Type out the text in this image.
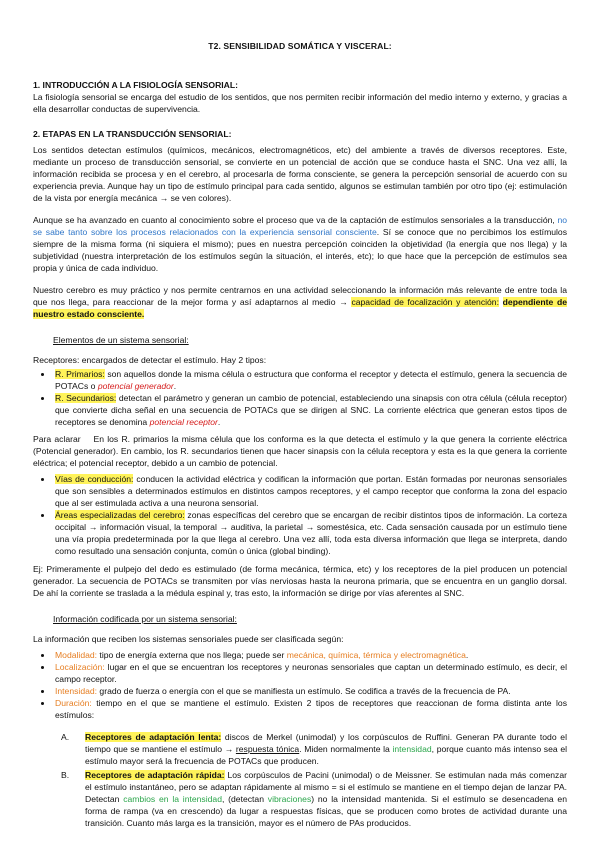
T2. SENSIBILIDAD SOMÁTICA Y VISCERAL:

1. INTRODUCCIÓN A LA FISIOLOGÍA SENSORIAL:

La fisiología sensorial se encarga del estudio de los sentidos, que nos permiten recibir información del medio interno y externo, y gracias a ella desarrollar conductas de supervivencia.

2. ETAPAS EN LA TRANSDUCCIÓN SENSORIAL:

Los sentidos detectan estímulos (químicos, mecánicos, electromagnéticos, etc) del ambiente a través de diversos receptores. Este, mediante un proceso de transducción sensorial, se convierte en un potencial de acción que se conduce hasta el SNC. Una vez allí, la información recibida se procesa y en el cerebro, al procesarla de forma consciente, se genera la percepción sensorial de acuerdo con su experiencia previa. Aunque hay un tipo de estímulo principal para cada sentido, algunos se estimulan también por otro tipo (ej: estimulación de la vista por energía mecánica → se ven colores).

Aunque se ha avanzado en cuanto al conocimiento sobre el proceso que va de la captación de estímulos sensoriales a la transducción, no se sabe tanto sobre los procesos relacionados con la experiencia sensorial consciente. Sí se conoce que no percibimos los estímulos siempre de la misma forma (ni siquiera el mismo); pues en nuestra percepción coinciden la objetividad (la energía que nos llega) y la subjetividad (nuestra interpretación de los estímulos según la situación, el interés, etc); lo que hace que la percepción de estímulos sea propia y única de cada individuo.

Nuestro cerebro es muy práctico y nos permite centrarnos en una actividad seleccionando la información más relevante de entre toda la que nos llega, para reaccionar de la mejor forma y así adaptarnos al medio → capacidad de focalización y atención: dependiente de nuestro estado consciente.

Elementos de un sistema sensorial:

Receptores: encargados de detectar el estímulo. Hay 2 tipos:

• R. Primarios: son aquellos donde la misma célula o estructura que conforma el receptor y detecta el estímulo, genera la secuencia de POTACs o potencial generador.
• R. Secundarios: detectan el parámetro y generan un cambio de potencial, estableciendo una sinapsis con otra célula (célula receptor) que convierte dicha señal en una secuencia de POTACs que se dirigen al SNC. La corriente eléctrica que generan estos tipos de receptores se denomina potencial receptor.

Para aclarar    En los R. primarios la misma célula que los conforma es la que detecta el estímulo y la que genera la corriente eléctrica (Potencial generador). En cambio, los R. secundarios tienen que hacer sinapsis con la célula receptora y esta es la que genera la corriente eléctrica; el potencial receptor, debido a un cambio de potencial.

• Vías de conducción: conducen la actividad eléctrica y codifican la información que portan. Están formadas por neuronas sensoriales que son sensibles a determinados estímulos en distintos campos receptores, y el campo receptor que conforma la zona del espacio que al ser estimulada activa a una neurona sensorial.
• Áreas especializadas del cerebro: zonas específicas del cerebro que se encargan de recibir distintos tipos de información. La corteza occipital → información visual, la temporal → auditiva, la parietal → somestésica, etc. Cada sensación causada por un estímulo tiene una vía propia predeterminada por la que llega al cerebro. Una vez allí, toda esta diversa información que llega se interpreta, dando como resultado una sensación conjunta, común o única (global binding).

Ej: Primeramente el pulpejo del dedo es estimulado (de forma mecánica, térmica, etc) y los receptores de la piel producen un potencial generador. La secuencia de POTACs se transmiten por vías nerviosas hasta la neurona primaria, que se encuentra en un ganglio dorsal. De ahí la corriente se traslada a la médula espinal y, tras esto, la información se dirige por vías aferentes al SNC.

Información codificada por un sistema sensorial:

La información que reciben los sistemas sensoriales puede ser clasificada según:

• Modalidad: tipo de energía externa que nos llega; puede ser mecánica, química, térmica y electromagnética.
• Localización: lugar en el que se encuentran los receptores y neuronas sensoriales que captan un determinado estímulo, es decir, el campo receptor.
• Intensidad: grado de fuerza o energía con el que se manifiesta un estímulo. Se codifica a través de la frecuencia de PA.
• Duración: tiempo en el que se mantiene el estímulo. Existen 2 tipos de receptores que reaccionan de forma distinta ante los estímulos:
A. Receptores de adaptación lenta: discos de Merkel (unimodal) y los corpúsculos de Ruffini. Generan PA durante todo el tiempo que se mantiene el estímulo → respuesta tónica. Miden normalmente la intensidad, porque cuanto más intenso sea el estímulo mayor será la frecuencia de POTACs que producen.
B. Receptores de adaptación rápida: Los corpúsculos de Pacini (unimodal) o de Meissner. Se estimulan nada más comenzar el estímulo instantáneo, pero se adaptan rápidamente al mismo = si el estímulo se mantiene en el tiempo dejan de lanzar PA. Detectan cambios en la intensidad, (detectan vibraciones) no la intensidad mantenida. Si el estímulo se desencadena en forma de rampa (va en crescendo) da lugar a respuestas físicas, que se producen como brotes de actividad durante una transición. Cuanto más larga es la transición, mayor es el número de PAs producidos.
